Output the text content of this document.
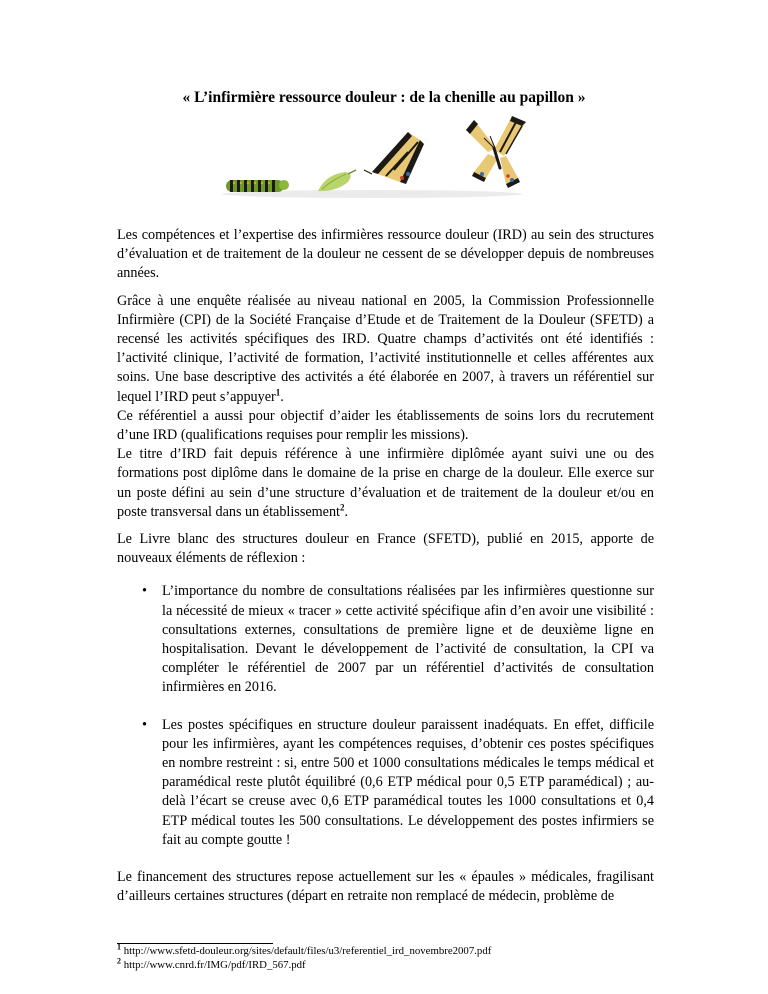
« L’infirmière ressource douleur : de la chenille au papillon »

Les compétences et l’expertise des infirmières ressource douleur (IRD) au sein des structures d’évaluation et de traitement de la douleur ne cessent de se développer depuis de nombreuses années.

Grâce à une enquête réalisée au niveau national en 2005, la Commission Professionnelle Infirmière (CPI) de la Société Française d’Etude et de Traitement de la Douleur (SFETD) a recensé les activités spécifiques des IRD. Quatre champs d’activités ont été identifiés : l’activité clinique, l’activité de formation, l’activité institutionnelle et celles afférentes aux soins. Une base descriptive des activités a été élaborée en 2007, à travers un référentiel sur lequel l’IRD peut s’appuyer$^1$.

Ce référentiel a aussi pour objectif d’aider les établissements de soins lors du recrutement d’une IRD (qualifications requises pour remplir les missions).

Le titre d’IRD fait depuis référence à une infirmière diplômée ayant suivi une ou des formations post diplôme dans le domaine de la prise en charge de la douleur. Elle exerce sur un poste défini au sein d’une structure d’évaluation et de traitement de la douleur et/ou en poste transversal dans un établissement$^2$.

Le Livre blanc des structures douleur en France (SFETD), publié en 2015, apporte de nouveaux éléments de réflexion :

• L’importance du nombre de consultations réalisées par les infirmières questionne sur la nécessité de mieux « tracer » cette activité spécifique afin d’en avoir une visibilité : consultations externes, consultations de première ligne et de deuxième ligne en hospitalisation. Devant le développement de l’activité de consultation, la CPI va compléter le référentiel de 2007 par un référentiel d’activités de consultation infirmières en 2016.
• Les postes spécifiques en structure douleur paraissent inadéquats. En effet, difficile pour les infirmières, ayant les compétences requises, d’obtenir ces postes spécifiques en nombre restreint : si, entre 500 et 1000 consultations médicales le temps médical et paramédical reste plutôt équilibré (0,6 ETP médical pour 0,5 ETP paramédical) ; au-delà l’écart se creuse avec 0,6 ETP paramédical toutes les 1000 consultations et 0,4 ETP médical toutes les 500 consultations. Le développement des postes infirmiers se fait au compte goutte !

Le financement des structures repose actuellement sur les « épaules » médicales, fragilisant d’ailleurs certaines structures (départ en retraite non remplacé de médecin, problème de

$^1$ http://www.sfetd-douleur.org/sites/default/files/u3/referentiel_ird_novembre2007.pdf
$^2$ http://www.cnrd.fr/IMG/pdf/IRD_567.pdf
